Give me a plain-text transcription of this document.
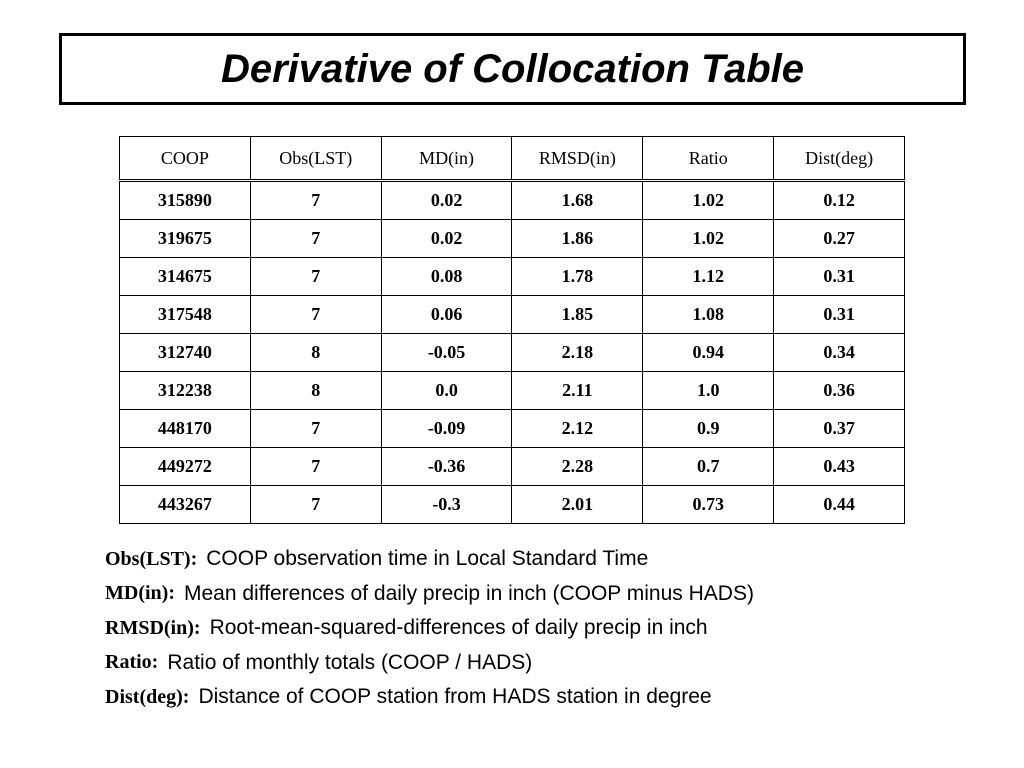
Derivative of Collocation Table
COOP	Obs(LST)	MD(in)	RMSD(in)	Ratio	Dist(deg)
315890	7	0.02	1.68	1.02	0.12
319675	7	0.02	1.86	1.02	0.27
314675	7	0.08	1.78	1.12	0.31
317548	7	0.06	1.85	1.08	0.31
312740	8	-0.05	2.18	0.94	0.34
312238	8	0.0	2.11	1.0	0.36
448170	7	-0.09	2.12	0.9	0.37
449272	7	-0.36	2.28	0.7	0.43
443267	7	-0.3	2.01	0.73	0.44
Obs(LST) : COOP observation time in Local Standard Time
MD(in) : Mean differences of daily precip in inch (COOP minus HADS)
RMSD(in) : Root-mean-squared-differences of daily precip in inch
Ratio : Ratio of monthly totals (COOP / HADS)
Dist(deg) : Distance of COOP station from HADS station in degree
